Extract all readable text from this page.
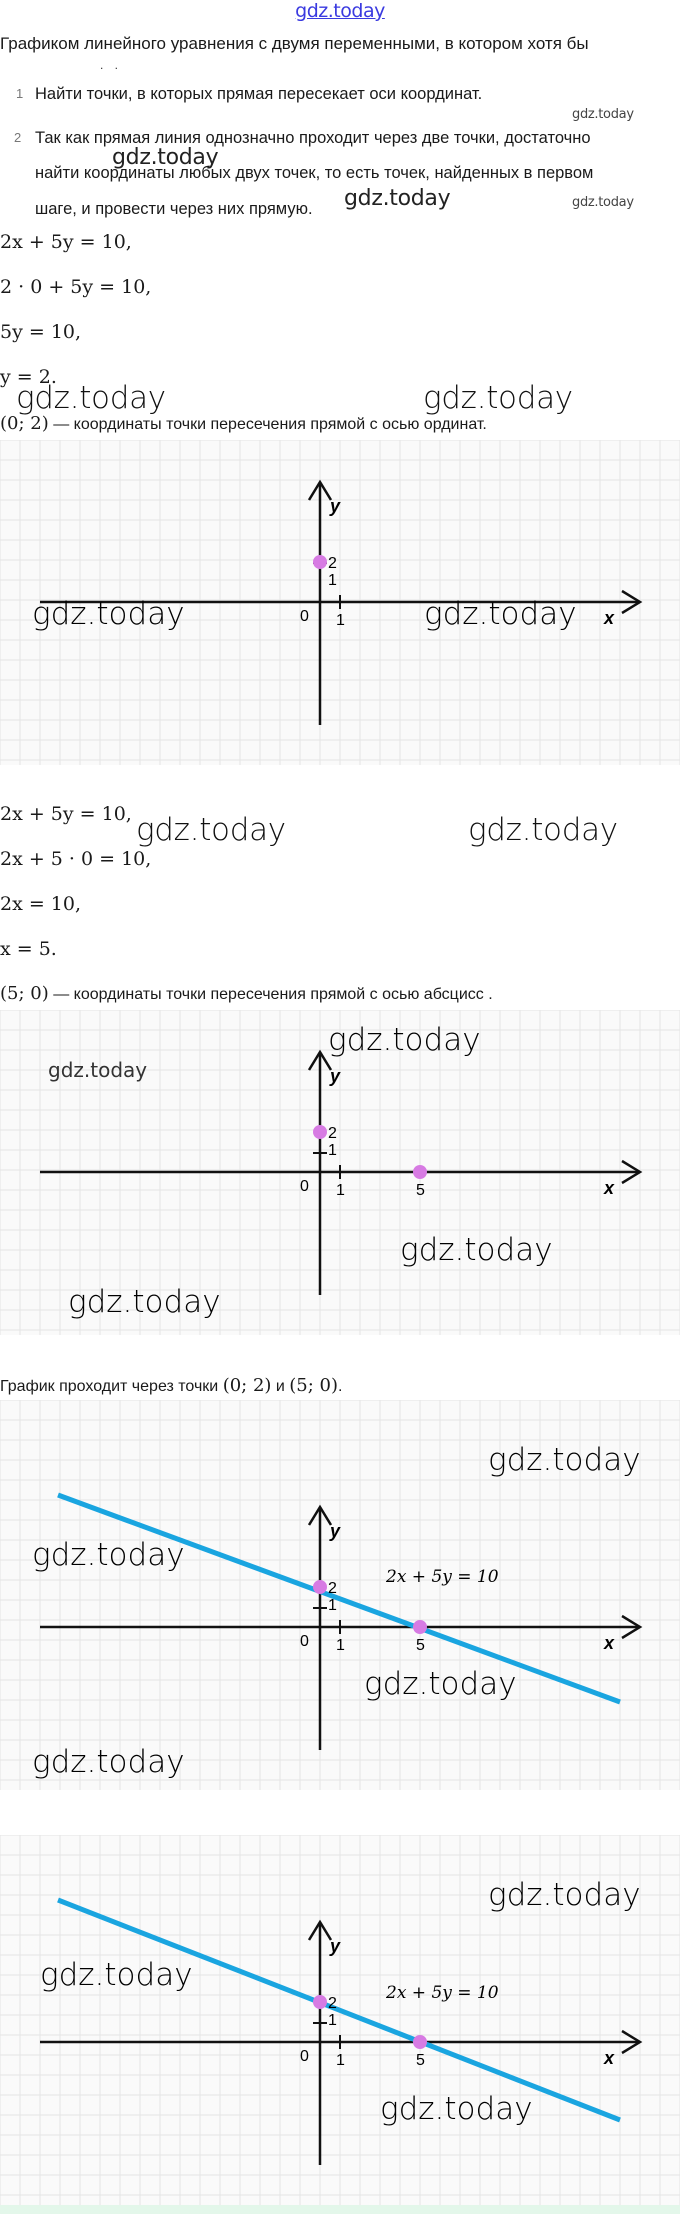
gdz.today
Графиком линейного уравнения с двумя переменными, в котором хотя бы
. .
1 Найти точки, в которых прямая пересекает оси координат.
2 Так как прямая линия однозначно проходит через две точки, достаточно
найти координаты любых двух точек, то есть точек, найденных в первом
шаге, и провести через них прямую.
gdz.today
gdz.today
gdz.today	gdz.today
2x + 5y = 10,
2 · 0 + 5y = 10,
5y = 10,
y = 2.
gdz.today	gdz.today
(0; 2) — координаты точки пересечения прямой с осью ординат.
y
2
1
0 1	x
gdz.today	gdz.today
2x + 5y = 10,
2x + 5 · 0 = 10,
2x = 10,
x = 5.
gdz.today	gdz.today
(5; 0) — координаты точки пересечения прямой с осью абсцисс .
y
2
1
0 1	5	x
gdz.today
gdz.today
gdz.today
gdz.today
График проходит через точки (0; 2) и (5; 0).
y
2
1
0 1	5	x
2x + 5y = 10
gdz.today
gdz.today
gdz.today
gdz.today
y
2
1
0 1	5	x
2x + 5y = 10
gdz.today
gdz.today
gdz.today
